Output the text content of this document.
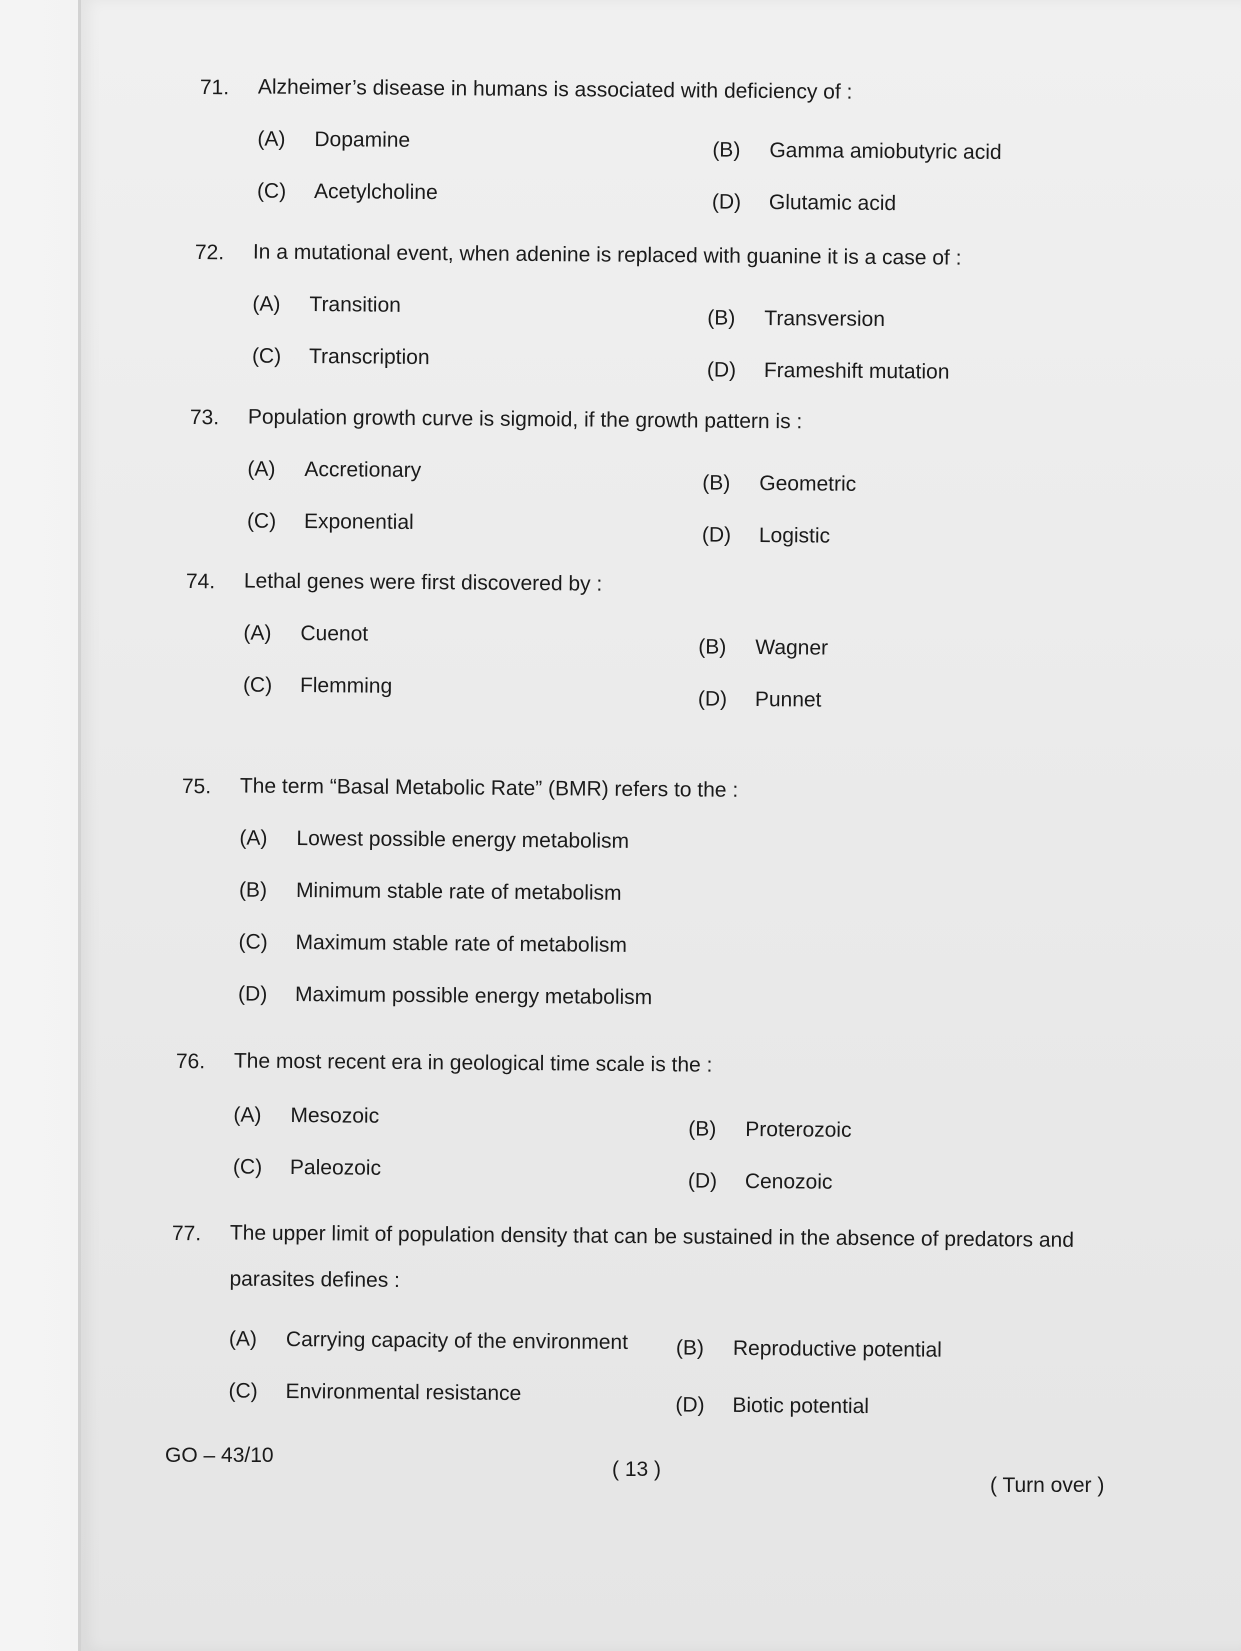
71. Alzheimer’s disease in humans is associated with deficiency of :
(A) Dopamine	(B) Gamma amiobutyric acid
(C) Acetylcholine	(D) Glutamic acid
72. In a mutational event, when adenine is replaced with guanine it is a case of :
(A) Transition
(B) Transversion
(C) Transcription
(D) Frameshift mutation
73. Population growth curve is sigmoid, if the growth pattern is :
(A) Accretionary
(B) Geometric
(C) Exponential
(D) Logistic
74. Lethal genes were first discovered by :
(A) Cuenot
(B) Wagner
(C) Flemming
(D) Punnet
75. The term “Basal Metabolic Rate” (BMR) refers to the :
(A) Lowest possible energy metabolism
(B) Minimum stable rate of metabolism
(C) Maximum stable rate of metabolism
(D) Maximum possible energy metabolism
76. The most recent era in geological time scale is the :
(A) Mesozoic
(B) Proterozoic
(C) Paleozoic
(D) Cenozoic
77. The upper limit of population density that can be sustained in the absence of predators and parasites defines :
(A) Carrying capacity of the environment (B) Reproductive potential
(C) Environmental resistance	(D) Biotic potential
GO – 43/10
( 13 )
( Turn over )
